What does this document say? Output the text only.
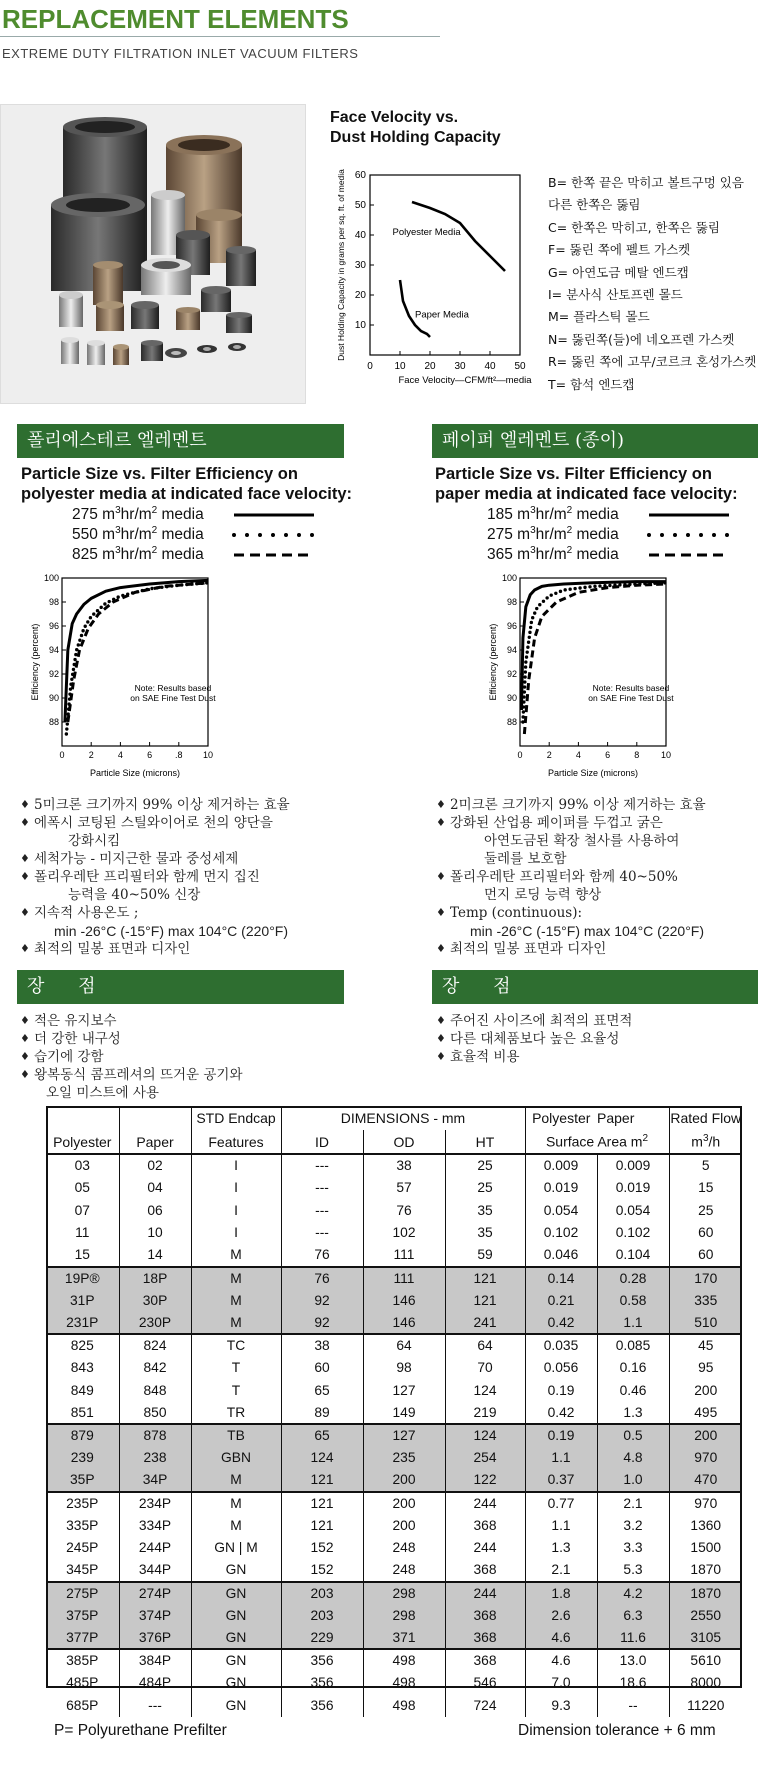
REPLACEMENT ELEMENTS
EXTREME DUTY FILTRATION INLET VACUUM FILTERS
Face Velocity vs.
Dust Holding Capacity
0 10 20 30 40 50
10
20
30
40
50
60
Face Velocity—CFM/ft²—media
Dust Holding Capacity in grams per sq. ft. of media	Polyester Media
Paper Media
B= 한쪽 끝은 막히고 볼트구멍 있음
다른 한쪽은 뚫림
C= 한쪽은 막히고, 한쪽은 뚫림
F= 뚫린 쪽에 펠트 가스켓
G= 아연도금 메탈 엔드캡
I= 분사식 산토프렌 몰드
M= 플라스틱 몰드
N= 뚫린쪽(들)에 네오프렌 가스켓
R= 뚫린 쪽에 고무/코르크 혼성가스켓
T= 함석 엔드캡
폴리에스테르 엘레멘트	페이퍼 엘레멘트 (종이)
Particle Size vs. Filter Efficiency on
polyester media at indicated face velocity:
Particle Size vs. Filter Efficiency on
paper media at indicated face velocity:
275 $m^3hr/m^2$ media
550 $m^3hr/m^2$ media
825 $m^3hr/m^2$ media
185 $m^3hr/m^2$ media
275 $m^3hr/m^2$ media
365 $m^3hr/m^2$ media
0	2	4	6	.8 10
88
90
92
94
96
98
100
Particle Size (microns)
Efficiency (percent)	Note: Results based
on SAE Fine Test Dust
0	2	4	6	8 10
88
90
92
94
96
98
100
Particle Size (microns)
Efficiency (percent)	Note: Results based
on SAE Fine Test Dust
♦ 5미크론 크기까지 99% 이상 제거하는 효율
♦ 에폭시 코팅된 스틸와이어로 천의 양단을
강화시킴
♦ 세척가능 - 미지근한 물과 중성세제
♦ 폴리우레탄 프리필터와 함께 먼지 집진
능력을 40~50% 신장
♦ 지속적 사용온도 ;
min -26°C (-15°F) max 104°C (220°F)
♦ 최적의 밀봉 표면과 디자인
♦ 2미크론 크기까지 99% 이상 제거하는 효율
♦ 강화된 산업용 페이퍼를 두껍고 굵은
아연도금된 확장 철사를 사용하여
둘레를 보호함
♦ 폴리우레탄 프리필터와 함께 40~50%
먼지 로딩 능력 향상
♦ Temp (continuous):
min -26°C (-15°F) max 104°C (220°F)
♦ 최적의 밀봉 표면과 디자인
장 점	장 점
♦ 적은 유지보수
♦ 더 강한 내구성
♦ 습기에 강함
♦ 왕복동식 콤프레셔의 뜨거운 공기와
오일 미스트에 사용
♦ 주어진 사이즈에 최적의 표면적
♦ 다른 대체품보다 높은 요율성
♦ 효율적 비용
		STD Endcap	DIMENSIONS - mm			Polyester	Paper	Rated Flow
Polyester	Paper	Features	ID	OD	HT	Surface Area $m^2$		$m^3/h$
03	02	I	---	38	25	0.009	0.009	5
05	04	I	---	57	25	0.019	0.019	15
07	06	I	---	76	35	0.054	0.054	25
11	10	I	---	102	35	0.102	0.102	60
15	14	M	76	111	59	0.046	0.104	60
19P®	18P	M	76	111	121	0.14	0.28	170
31P	30P	M	92	146	121	0.21	0.58	335
231P	230P	M	92	146	241	0.42	1.1	510
825	824	TC	38	64	64	0.035	0.085	45
843	842	T	60	98	70	0.056	0.16	95
849	848	T	65	127	124	0.19	0.46	200
851	850	TR	89	149	219	0.42	1.3	495
879	878	TB	65	127	124	0.19	0.5	200
239	238	GBN	124	235	254	1.1	4.8	970
35P	34P	M	121	200	122	0.37	1.0	470
235P	234P	M	121	200	244	0.77	2.1	970
335P	334P	M	121	200	368	1.1	3.2	1360
245P	244P	GN | M	152	248	244	1.3	3.3	1500
345P	344P	GN	152	248	368	2.1	5.3	1870
275P	274P	GN	203	298	244	1.8	4.2	1870
375P	374P	GN	203	298	368	2.6	6.3	2550
377P	376P	GN	229	371	368	4.6	11.6	3105
385P	384P	GN	356	498	368	4.6	13.0	5610
485P	484P	GN	356	498	546	7.0	18.6	8000
685P	---	GN	356	498	724	9.3	--	11220
P= Polyurethane Prefilter	Dimension tolerance + 6 mm
